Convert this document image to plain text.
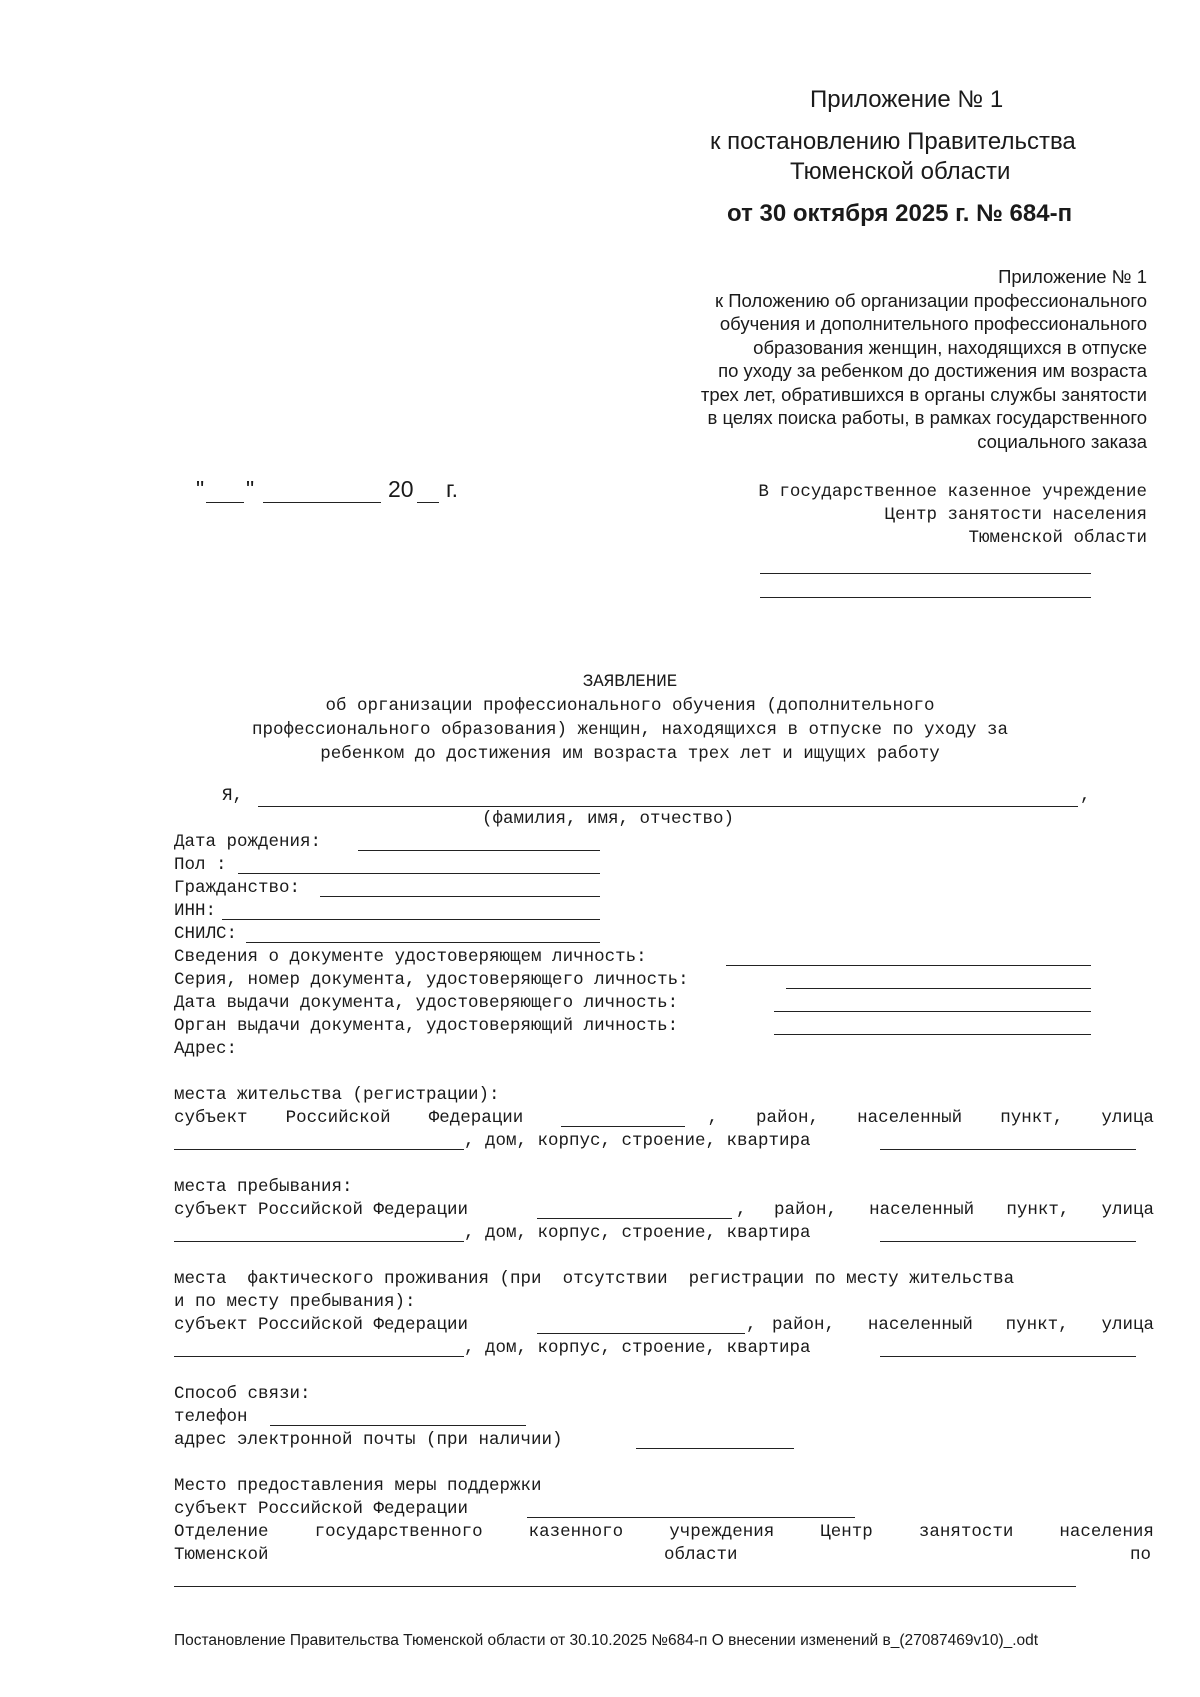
Приложение № 1
к постановлению Правительства
Тюменской области
от 30 октября 2025 г. № 684-п
Приложение № 1
к Положению об организации профессионального
обучения и дополнительного профессионального
образования женщин, находящихся в отпуске
по уходу за ребенком до достижения им возраста
трех лет, обратившихся в органы службы занятости
в целях поиска работы, в рамках государственного
социального заказа
" "	20 г.	В государственное казенное учреждение
Центр занятости населения
Тюменской области
ЗАЯВЛЕНИЕ
об организации профессионального обучения (дополнительного
профессионального образования) женщин, находящихся в отпуске по уходу за
ребенком до достижения им возраста трех лет и ищущих работу
Я,	,
(фамилия, имя, отчество)
Дата рождения:
Пол :
Гражданство:
ИНН:
СНИЛС:
Сведения о документе удостоверяющем личность:
Серия, номер документа, удостоверяющего личность:
Дата выдачи документа, удостоверяющего личность:
Орган выдачи документа, удостоверяющий личность:
Адрес:
места жительства (регистрации):
субъект Российской Федерации	, район, населенный пункт, улица
, дом, корпус, строение, квартира
места пребывания:
субъект Российской Федерации	, район, населенный пункт, улица
, дом, корпус, строение, квартира
места  фактического проживания (при  отсутствии  регистрации по месту жительства
и по месту пребывания):
субъект Российской Федерации	, район, населенный пункт, улица
, дом, корпус, строение, квартира
Способ связи:
телефон
адрес электронной почты (при наличии)
Место предоставления меры поддержки
субъект Российской Федерации
Отделение	государственного	казенного	учреждения	Центр	занятости	населения
Тюменской	области	по
Постановление Правительства Тюменской области от 30.10.2025 №684-п О внесении изменений в_(27087469v10)_.odt
